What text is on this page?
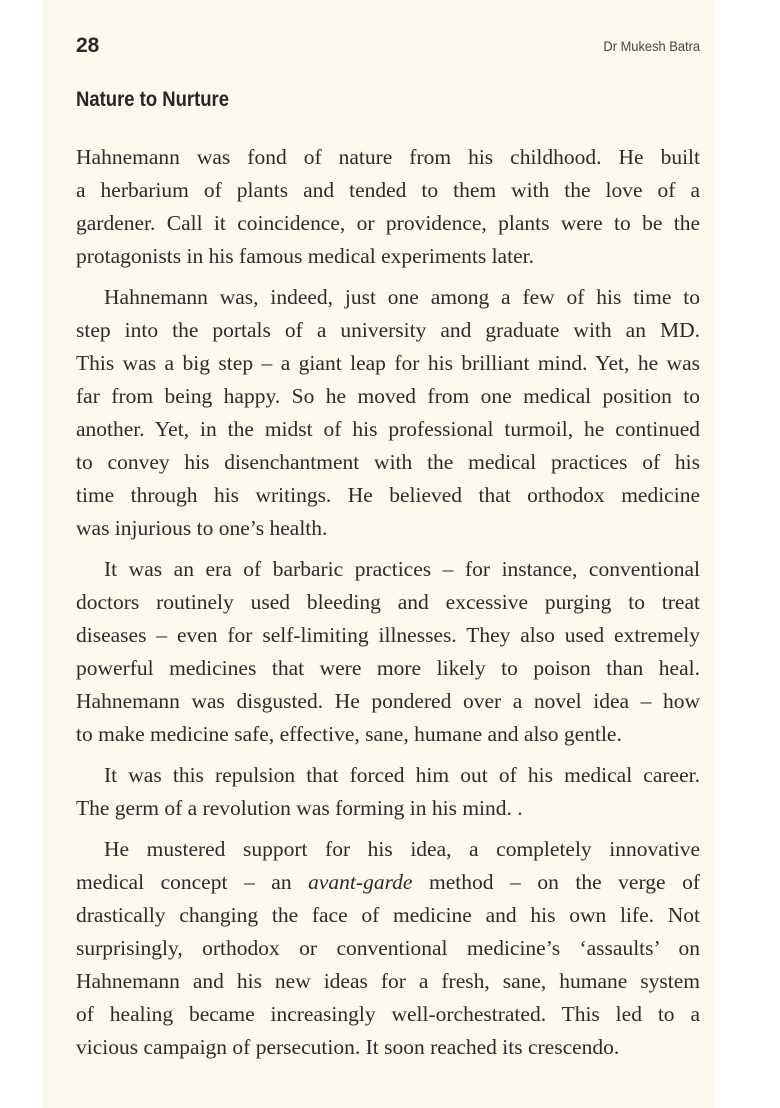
28	Dr Mukesh Batra
Nature to Nurture
Hahnemann was fond of nature from his childhood. He built
a herbarium of plants and tended to them with the love of a
gardener. Call it coincidence, or providence, plants were to be the
protagonists in his famous medical experiments later.
Hahnemann was, indeed, just one among a few of his time to
step into the portals of a university and graduate with an MD.
This was a big step – a giant leap for his brilliant mind. Yet, he was
far from being happy. So he moved from one medical position to
another. Yet, in the midst of his professional turmoil, he continued
to convey his disenchantment with the medical practices of his
time through his writings. He believed that orthodox medicine
was injurious to one’s health.
It was an era of barbaric practices – for instance, conventional
doctors routinely used bleeding and excessive purging to treat
diseases – even for self-limiting illnesses. They also used extremely
powerful medicines that were more likely to poison than heal.
Hahnemann was disgusted. He pondered over a novel idea – how
to make medicine safe, effective, sane, humane and also gentle.
It was this repulsion that forced him out of his medical career.
The germ of a revolution was forming in his mind. .
He mustered support for his idea, a completely innovative
medical concept – an avant-garde method – on the verge of
drastically changing the face of medicine and his own life. Not
surprisingly, orthodox or conventional medicine’s ‘assaults’ on
Hahnemann and his new ideas for a fresh, sane, humane system
of healing became increasingly well-orchestrated. This led to a
vicious campaign of persecution. It soon reached its crescendo.
